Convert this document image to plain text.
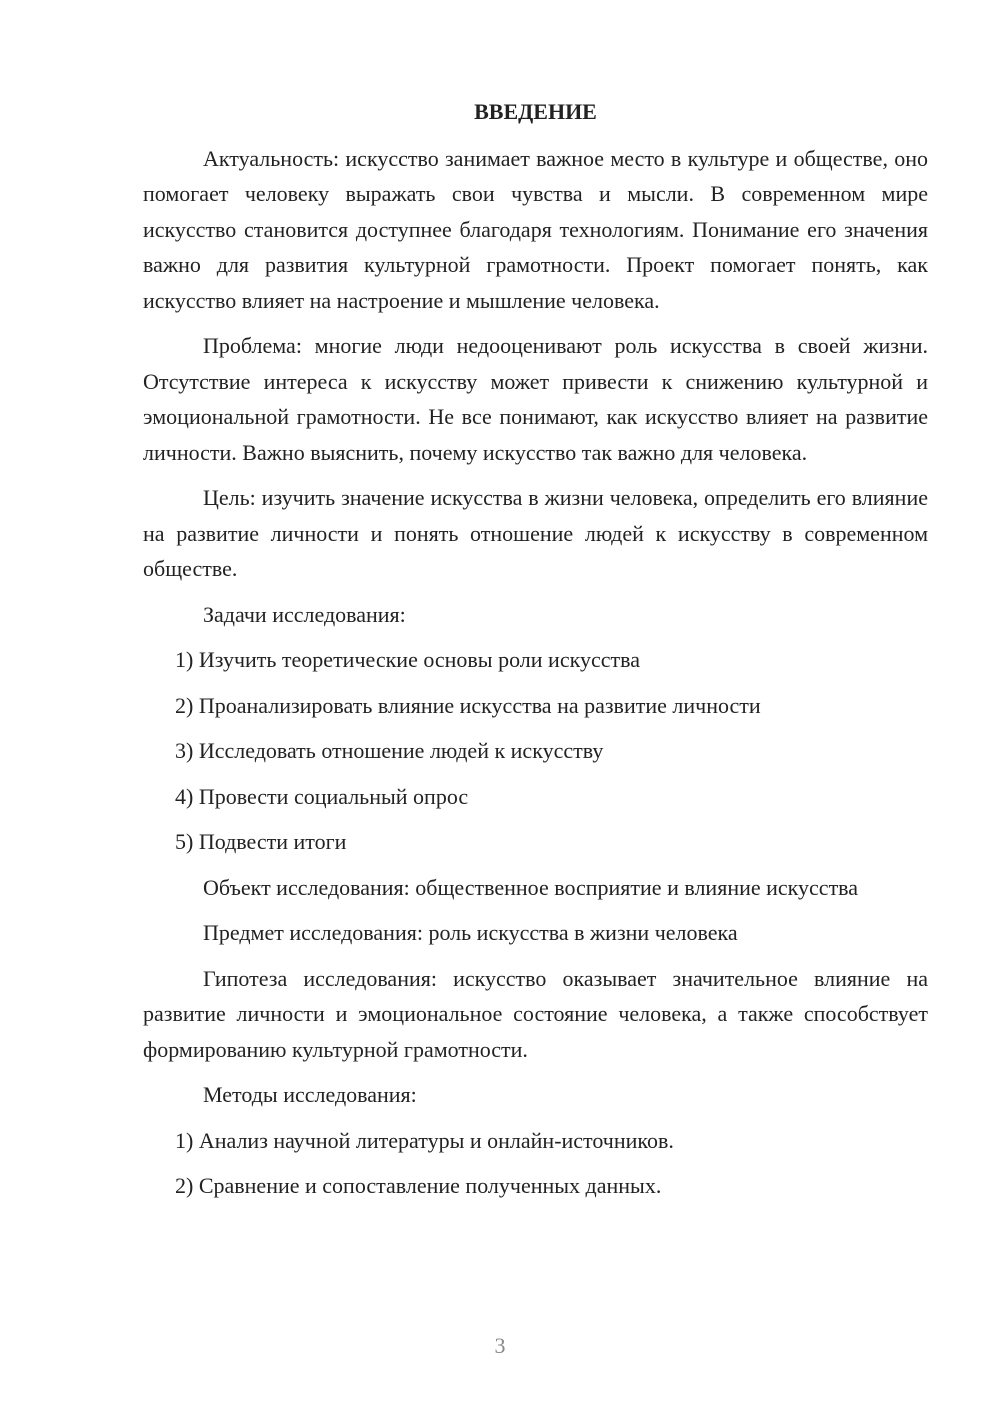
ВВЕДЕНИЕ
Актуальность: искусство занимает важное место в культуре и обществе, оно помогает человеку выражать свои чувства и мысли. В современном мире искусство становится доступнее благодаря технологиям. Понимание его значения важно для развития культурной грамотности. Проект помогает понять, как искусство влияет на настроение и мышление человека.
Проблема: многие люди недооценивают роль искусства в своей жизни. Отсутствие интереса к искусству может привести к снижению культурной и эмоциональной грамотности. Не все понимают, как искусство влияет на развитие личности. Важно выяснить, почему искусство так важно для человека.
Цель: изучить значение искусства в жизни человека, определить его влияние на развитие личности и понять отношение людей к искусству в современном обществе.
Задачи исследования:
1) Изучить теоретические основы роли искусства
2) Проанализировать влияние искусства на развитие личности
3) Исследовать отношение людей к искусству
4) Провести социальный опрос
5) Подвести итоги
Объект исследования: общественное восприятие и влияние искусства
Предмет исследования: роль искусства в жизни человека
Гипотеза исследования: искусство оказывает значительное влияние на развитие личности и эмоциональное состояние человека, а также способствует формированию культурной грамотности.
Методы исследования:
1) Анализ научной литературы и онлайн-источников.
2) Сравнение и сопоставление полученных данных.
3
